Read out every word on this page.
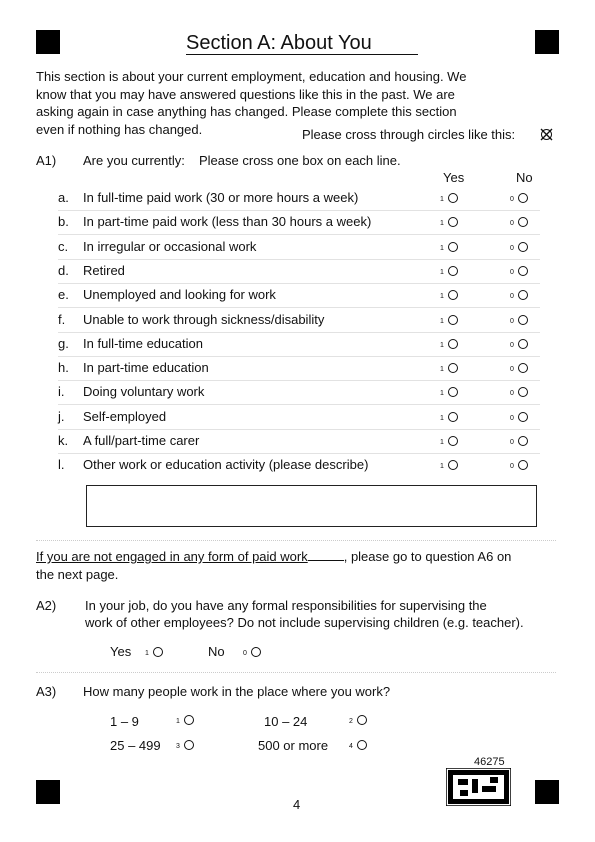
Section A: About You
This section is about your current employment, education and housing. We know that you may have answered questions like this in the past. We are asking again in case anything has changed. Please complete this section even if nothing has changed.	Please cross through circles like this:
A1) Are you currently: Please cross one box on each line.
Yes	No
a. In full-time paid work (30 or more hours a week)	1	0
b. In part-time paid work (less than 30 hours a week)	1	0
c. In irregular or occasional work	1	0
d. Retired	1	0
e. Unemployed and looking for work	1	0
f. Unable to work through sickness/disability	1	0
g. In full-time education	1	0
h. In part-time education	1	0
i. Doing voluntary work	1	0
j. Self-employed	1	0
k. A full/part-time carer	1	0
l. Other work or education activity (please describe)	1	0
If you are not engaged in any form of paid work	, please go to question A6 on
the next page.
A2) In your job, do you have any formal responsibilities for supervising the
work of other employees? Do not include supervising children (e.g. teacher).
Yes 1	No	0
A3) How many people work in the place where you work?
1 – 9	1	10 – 24	2
25 – 499 3	500 or more	4
46275
4
